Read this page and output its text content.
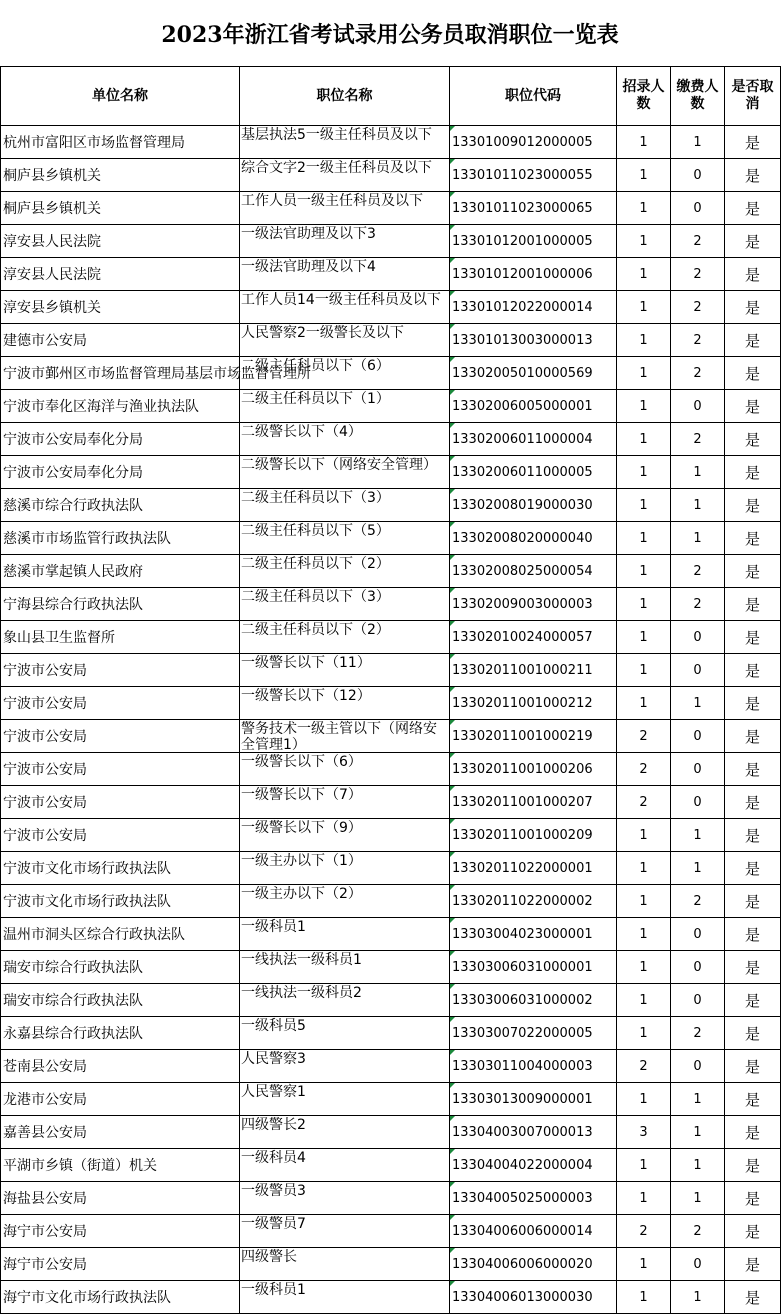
2023年浙江省考试录用公务员取消职位一览表
单位名称	职位名称	职位代码	招录人数	缴费人数	是否取消
杭州市富阳区市场监督管理局	基层执法5一级主任科员及以下	13301009012000005	1	1	是
桐庐县乡镇机关	综合文字2一级主任科员及以下	13301011023000055	1	0	是
桐庐县乡镇机关	工作人员一级主任科员及以下	13301011023000065	1	0	是
淳安县人民法院	一级法官助理及以下3	13301012001000005	1	2	是
淳安县人民法院	一级法官助理及以下4	13301012001000006	1	2	是
淳安县乡镇机关	工作人员14一级主任科员及以下	13301012022000014	1	2	是
建德市公安局	人民警察2一级警长及以下	13301013003000013	1	2	是
宁波市鄞州区市场监督管理局基层市场监督管理所	二级主任科员以下（6）	13302005010000569	1	2	是
宁波市奉化区海洋与渔业执法队	二级主任科员以下（1）	13302006005000001	1	0	是
宁波市公安局奉化分局	二级警长以下（4）	13302006011000004	1	2	是
宁波市公安局奉化分局	二级警长以下（网络安全管理）	13302006011000005	1	1	是
慈溪市综合行政执法队	二级主任科员以下（3）	13302008019000030	1	1	是
慈溪市市场监管行政执法队	二级主任科员以下（5）	13302008020000040	1	1	是
慈溪市掌起镇人民政府	二级主任科员以下（2）	13302008025000054	1	2	是
宁海县综合行政执法队	二级主任科员以下（3）	13302009003000003	1	2	是
象山县卫生监督所	二级主任科员以下（2）	13302010024000057	1	0	是
宁波市公安局	一级警长以下（11）	13302011001000211	1	0	是
宁波市公安局	一级警长以下（12）	13302011001000212	1	1	是
宁波市公安局	警务技术一级主管以下（网络安全管理1）	13302011001000219	2	0	是
宁波市公安局	一级警长以下（6）	13302011001000206	2	0	是
宁波市公安局	一级警长以下（7）	13302011001000207	2	0	是
宁波市公安局	一级警长以下（9）	13302011001000209	1	1	是
宁波市文化市场行政执法队	一级主办以下（1）	13302011022000001	1	1	是
宁波市文化市场行政执法队	一级主办以下（2）	13302011022000002	1	2	是
温州市洞头区综合行政执法队	一级科员1	13303004023000001	1	0	是
瑞安市综合行政执法队	一线执法一级科员1	13303006031000001	1	0	是
瑞安市综合行政执法队	一线执法一级科员2	13303006031000002	1	0	是
永嘉县综合行政执法队	一级科员5	13303007022000005	1	2	是
苍南县公安局	人民警察3	13303011004000003	2	0	是
龙港市公安局	人民警察1	13303013009000001	1	1	是
嘉善县公安局	四级警长2	13304003007000013	3	1	是
平湖市乡镇（街道）机关	一级科员4	13304004022000004	1	1	是
海盐县公安局	一级警员3	13304005025000003	1	1	是
海宁市公安局	一级警员7	13304006006000014	2	2	是
海宁市公安局	四级警长	13304006006000020	1	0	是
海宁市文化市场行政执法队	一级科员1	13304006013000030	1	1	是
